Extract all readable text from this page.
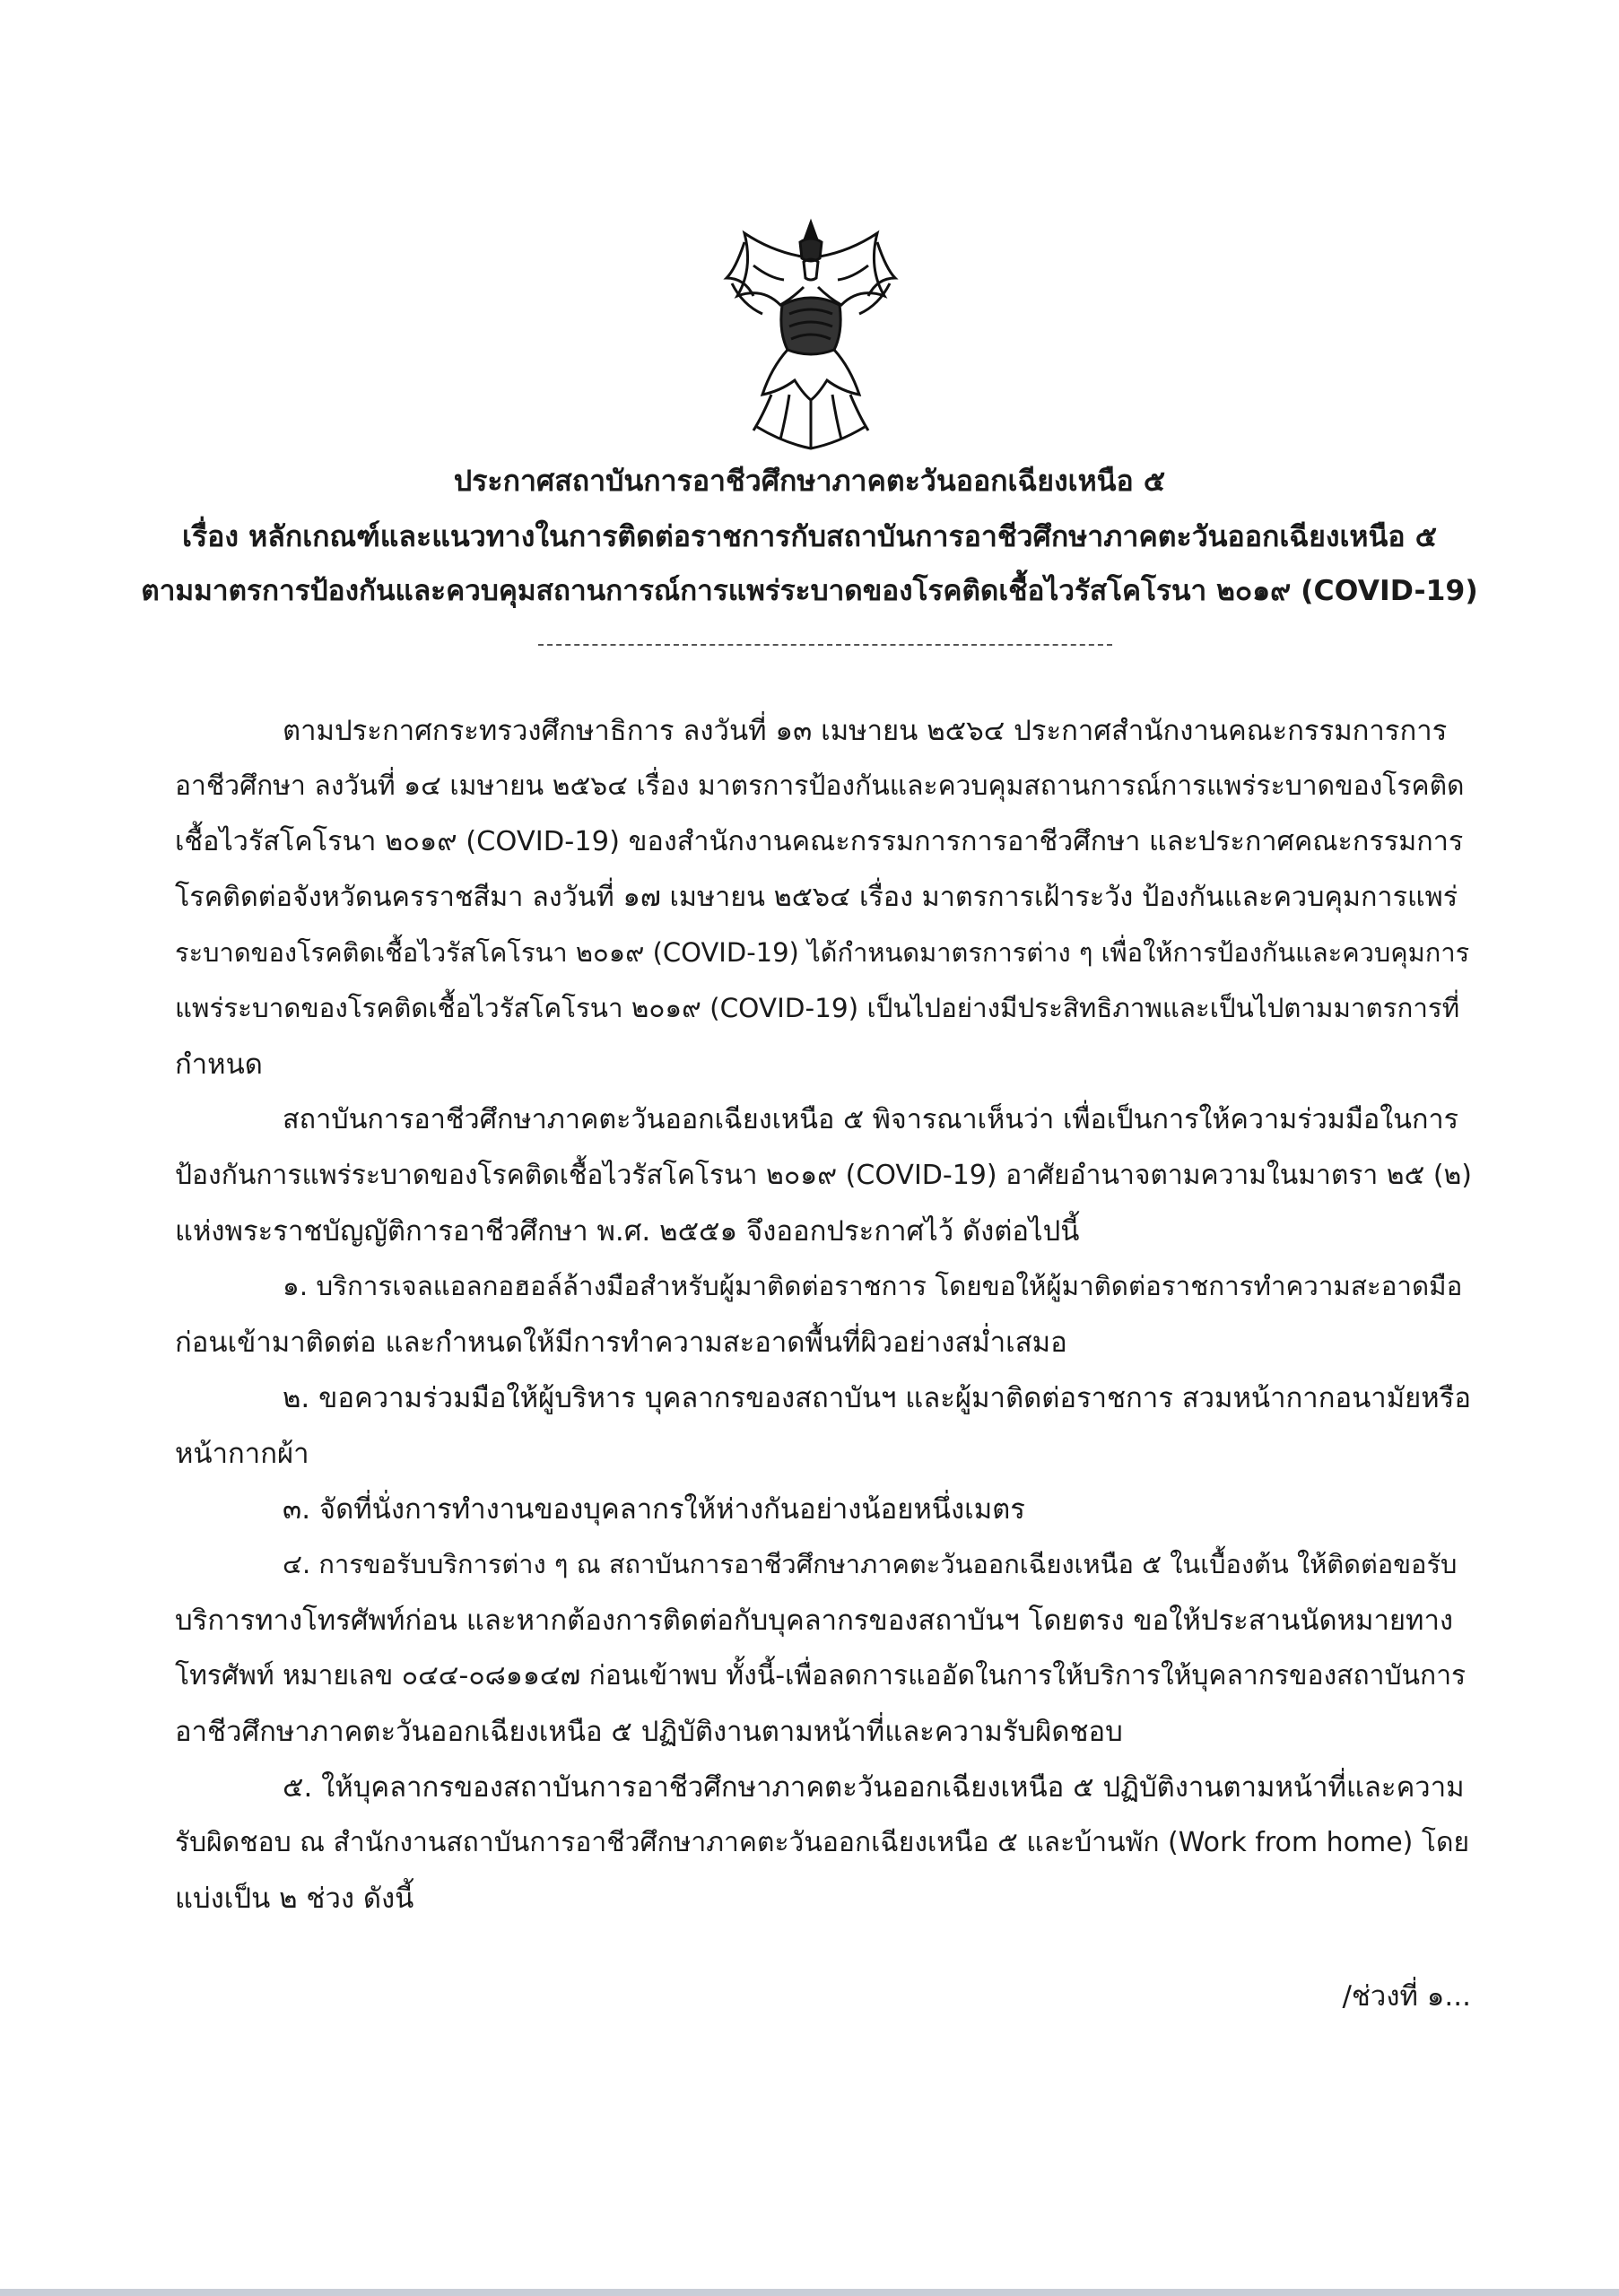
ประกาศสถาบันการอาชีวศึกษาภาคตะวันออกเฉียงเหนือ ๕
เรื่อง หลักเกณฑ์และแนวทางในการติดต่อราชการกับสถาบันการอาชีวศึกษาภาคตะวันออกเฉียงเหนือ ๕
ตามมาตรการป้องกันและควบคุมสถานการณ์การแพร่ระบาดของโรคติดเชื้อไวรัสโคโรนา ๒๐๑๙ (COVID-19)
ตามประกาศกระทรวงศึกษาธิการ ลงวันที่ ๑๓ เมษายน ๒๕๖๔ ประกาศสำนักงานคณะกรรมการการ
อาชีวศึกษา ลงวันที่ ๑๔ เมษายน ๒๕๖๔ เรื่อง มาตรการป้องกันและควบคุมสถานการณ์การแพร่ระบาดของโรคติด
เชื้อไวรัสโคโรนา ๒๐๑๙ (COVID-19) ของสำนักงานคณะกรรมการการอาชีวศึกษา และประกาศคณะกรรมการ
โรคติดต่อจังหวัดนครราชสีมา ลงวันที่ ๑๗ เมษายน ๒๕๖๔ เรื่อง มาตรการเฝ้าระวัง ป้องกันและควบคุมการแพร่
ระบาดของโรคติดเชื้อไวรัสโคโรนา ๒๐๑๙ (COVID-19) ได้กำหนดมาตรการต่าง ๆ เพื่อให้การป้องกันและควบคุมการ
แพร่ระบาดของโรคติดเชื้อไวรัสโคโรนา ๒๐๑๙ (COVID-19) เป็นไปอย่างมีประสิทธิภาพและเป็นไปตามมาตรการที่
กำหนด
สถาบันการอาชีวศึกษาภาคตะวันออกเฉียงเหนือ ๕ พิจารณาเห็นว่า เพื่อเป็นการให้ความร่วมมือในการ
ป้องกันการแพร่ระบาดของโรคติดเชื้อไวรัสโคโรนา ๒๐๑๙ (COVID-19) อาศัยอำนาจตามความในมาตรา ๒๕ (๒)
แห่งพระราชบัญญัติการอาชีวศึกษา พ.ศ. ๒๕๕๑ จึงออกประกาศไว้ ดังต่อไปนี้
๑. บริการเจลแอลกอฮอล์ล้างมือสำหรับผู้มาติดต่อราชการ โดยขอให้ผู้มาติดต่อราชการทำความสะอาดมือ
ก่อนเข้ามาติดต่อ และกำหนดให้มีการทำความสะอาดพื้นที่ผิวอย่างสม่ำเสมอ
๒. ขอความร่วมมือให้ผู้บริหาร บุคลากรของสถาบันฯ และผู้มาติดต่อราชการ สวมหน้ากากอนามัยหรือ
หน้ากากผ้า
๓. จัดที่นั่งการทำงานของบุคลากรให้ห่างกันอย่างน้อยหนึ่งเมตร
๔. การขอรับบริการต่าง ๆ ณ สถาบันการอาชีวศึกษาภาคตะวันออกเฉียงเหนือ ๕ ในเบื้องต้น ให้ติดต่อขอรับ
บริการทางโทรศัพท์ก่อน และหากต้องการติดต่อกับบุคลากรของสถาบันฯ โดยตรง ขอให้ประสานนัดหมายทาง
โทรศัพท์ หมายเลข ๐๔๔-๐๘๑๑๔๗ ก่อนเข้าพบ ทั้งนี้-เพื่อลดการแออัดในการให้บริการให้บุคลากรของสถาบันการ
อาชีวศึกษาภาคตะวันออกเฉียงเหนือ ๕ ปฏิบัติงานตามหน้าที่และความรับผิดชอบ
๕. ให้บุคลากรของสถาบันการอาชีวศึกษาภาคตะวันออกเฉียงเหนือ ๕ ปฏิบัติงานตามหน้าที่และความ
รับผิดชอบ ณ สำนักงานสถาบันการอาชีวศึกษาภาคตะวันออกเฉียงเหนือ ๕ และบ้านพัก (Work from home) โดย
แบ่งเป็น ๒ ช่วง ดังนี้
/ช่วงที่ ๑...
